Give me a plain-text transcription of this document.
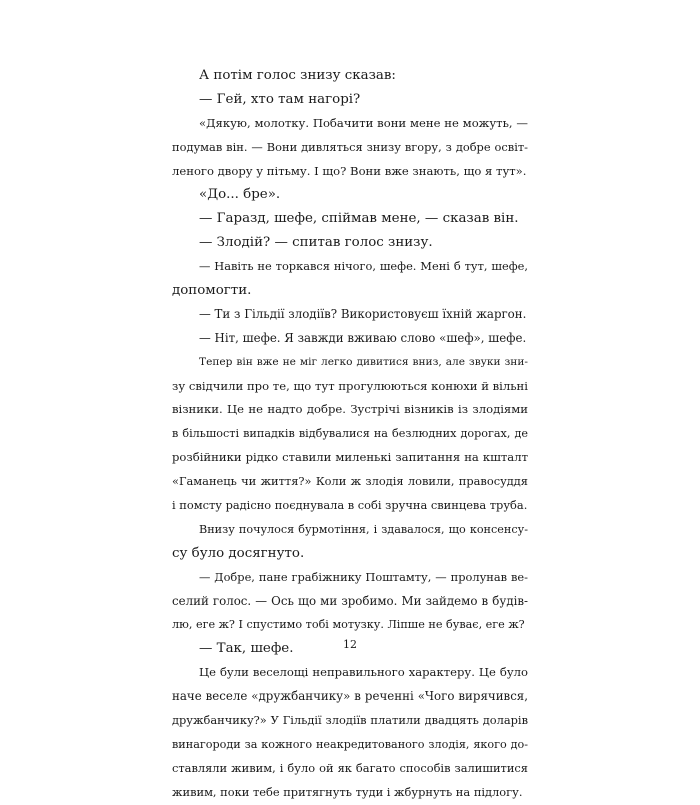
А потім голос знизу сказав:
— Гей, хто там нагорі?
«Дякую, молотку. Побачити вони мене не можуть, —
подумав він. — Вони дивляться знизу вгору, з добре освіт-
леного двору у пітьму. І що? Вони вже знають, що я тут».
«До... бре».
— Гаразд, шефе, спіймав мене, — сказав він.
— Злодій? — спитав голос знизу.
— Навіть не торкався нічого, шефе. Мені б тут, шефе,
допомогти.
— Ти з Гільдії злодіїв? Використовуєш їхній жаргон.
— Ніт, шефе. Я завжди вживаю слово «шеф», шефе.
Тепер він вже не міг легко дивитися вниз, але звуки зни-
зу свідчили про те, що тут прогулюються конюхи й вільні
візники. Це не надто добре. Зустрічі візників із злодіями
в більшості випадків відбувалися на безлюдних дорогах, де
розбійники рідко ставили миленькі запитання на кшталт
«Гаманець чи життя?» Коли ж злодія ловили, правосуддя
і помсту радісно поєднувала в собі зручна свинцева труба.
Внизу почулося бурмотіння, і здавалося, що консенсу-
су було досягнуто.
— Добре, пане грабіжнику Поштамту, — пролунав ве-
селий голос. — Ось що ми зробимо. Ми зайдемо в будів-
лю, еге ж? І спустимо тобі мотузку. Ліпше не буває, еге ж?
— Так, шефе.
Це були веселощі неправильного характеру. Це було
наче веселе «дружбанчику» в реченні «Чого вирячився,
дружбанчику?» У Гільдії злодіїв платили двадцять доларів
винагороди за кожного неакредитованого злодія, якого до-
ставляли живим, і було ой як багато способів залишитися
живим, поки тебе притягнуть туди і жбурнуть на підлогу.
12
